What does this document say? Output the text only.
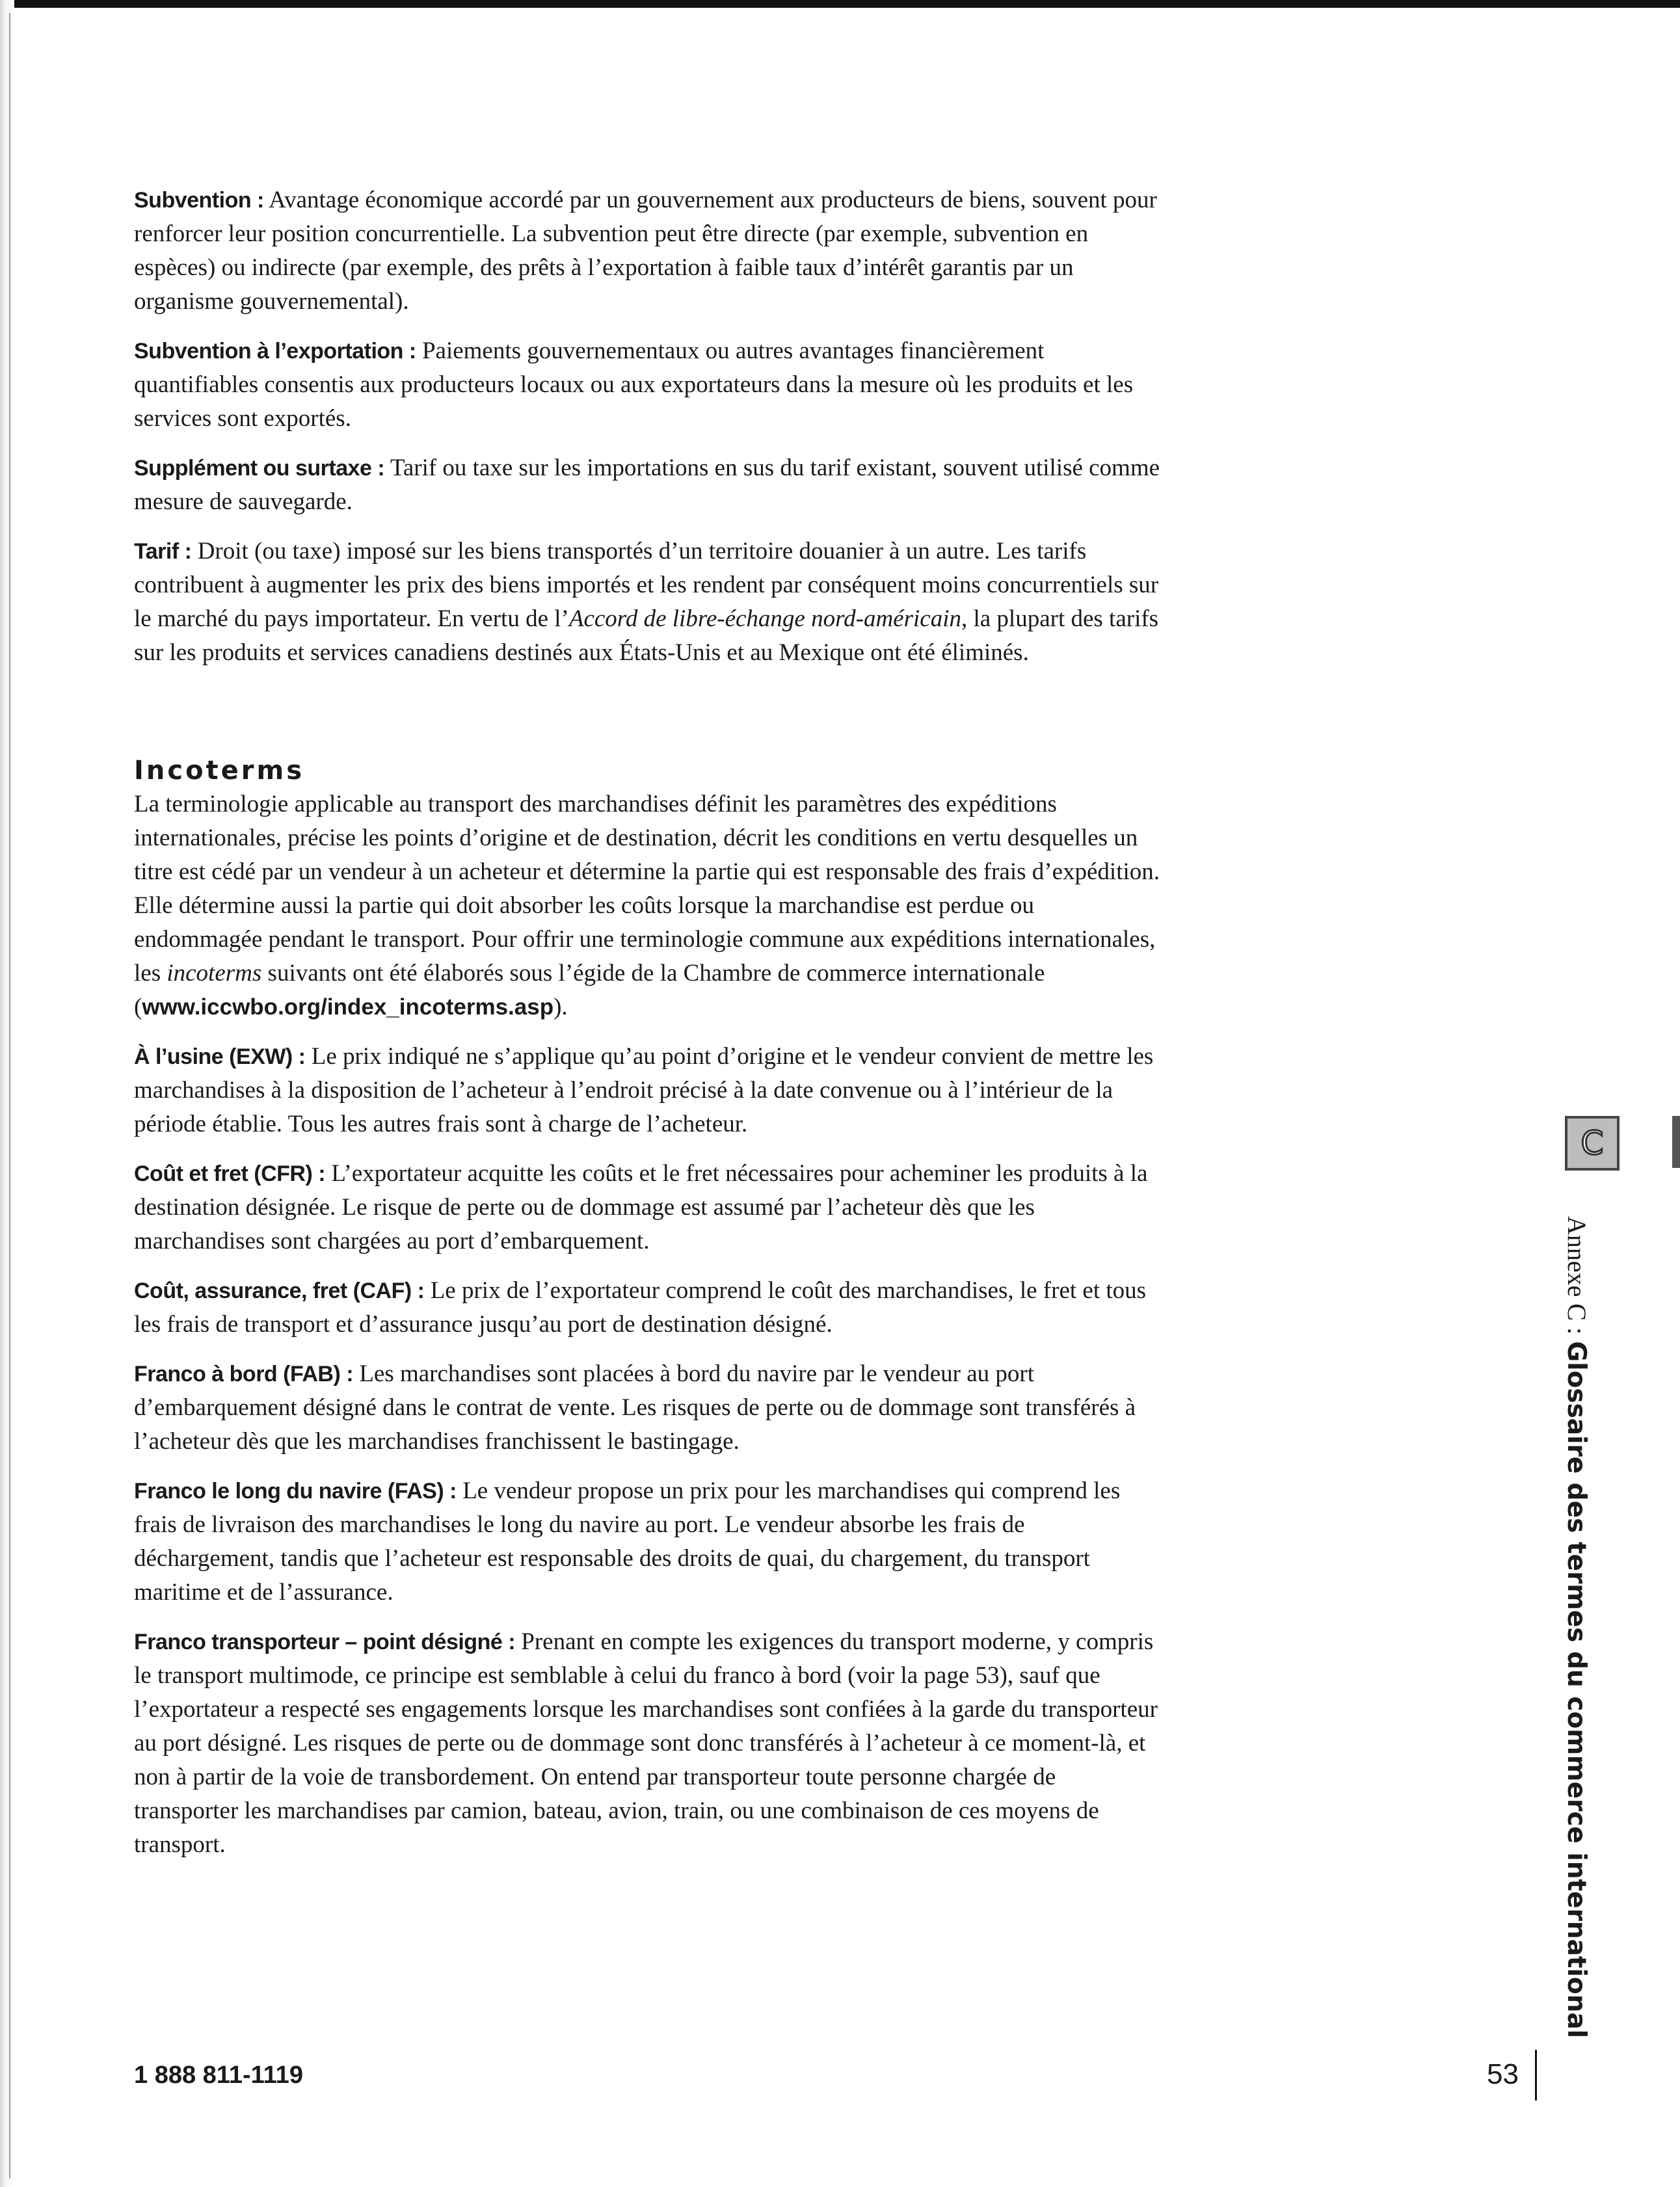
Subvention : Avantage économique accordé par un gouvernement aux producteurs de biens, souvent pour renforcer leur position concurrentielle. La subvention peut être directe (par exemple, subvention en espèces) ou indirecte (par exemple, des prêts à l’exportation à faible taux d’intérêt garantis par un organisme gouvernemental).

Subvention à l’exportation : Paiements gouvernementaux ou autres avantages financièrement quantifiables consentis aux producteurs locaux ou aux exportateurs dans la mesure où les produits et les services sont exportés.

Supplément ou surtaxe : Tarif ou taxe sur les importations en sus du tarif existant, souvent utilisé comme mesure de sauvegarde.

Tarif : Droit (ou taxe) imposé sur les biens transportés d’un territoire douanier à un autre. Les tarifs contribuent à augmenter les prix des biens importés et les rendent par conséquent moins concurrentiels sur le marché du pays importateur. En vertu de l’Accord de libre-échange nord-américain, la plupart des tarifs sur les produits et services canadiens destinés aux États-Unis et au Mexique ont été éliminés.

Incoterms

La terminologie applicable au transport des marchandises définit les paramètres des expéditions internationales, précise les points d’origine et de destination, décrit les conditions en vertu desquelles un titre est cédé par un vendeur à un acheteur et détermine la partie qui est responsable des frais d’expédition. Elle détermine aussi la partie qui doit absorber les coûts lorsque la marchandise est perdue ou endommagée pendant le transport. Pour offrir une terminologie commune aux expéditions internationales, les incoterms suivants ont été élaborés sous l’égide de la Chambre de commerce internationale (www.iccwbo.org/index_incoterms.asp).

À l’usine (EXW) : Le prix indiqué ne s’applique qu’au point d’origine et le vendeur convient de mettre les marchandises à la disposition de l’acheteur à l’endroit précisé à la date convenue ou à l’intérieur de la période établie. Tous les autres frais sont à charge de l’acheteur.

Coût et fret (CFR) : L’exportateur acquitte les coûts et le fret nécessaires pour acheminer les produits à la destination désignée. Le risque de perte ou de dommage est assumé par l’acheteur dès que les marchandises sont chargées au port d’embarquement.

Coût, assurance, fret (CAF) : Le prix de l’exportateur comprend le coût des marchandises, le fret et tous les frais de transport et d’assurance jusqu’au port de destination désigné.

Franco à bord (FAB) : Les marchandises sont placées à bord du navire par le vendeur au port d’embarquement désigné dans le contrat de vente. Les risques de perte ou de dommage sont transférés à l’acheteur dès que les marchandises franchissent le bastingage.

Franco le long du navire (FAS) : Le vendeur propose un prix pour les marchandises qui comprend les frais de livraison des marchandises le long du navire au port. Le vendeur absorbe les frais de déchargement, tandis que l’acheteur est responsable des droits de quai, du chargement, du transport maritime et de l’assurance.

Franco transporteur – point désigné : Prenant en compte les exigences du transport moderne, y compris le transport multimode, ce principe est semblable à celui du franco à bord (voir la page 53), sauf que l’exportateur a respecté ses engagements lorsque les marchandises sont confiées à la garde du transporteur au port désigné. Les risques de perte ou de dommage sont donc transférés à l’acheteur à ce moment-là, et non à partir de la voie de transbordement. On entend par transporteur toute personne chargée de transporter les marchandises par camion, bateau, avion, train, ou une combinaison de ces moyens de transport.

1 888 811-1119	53
C
Annexe C : Glossaire des termes du commerce international
